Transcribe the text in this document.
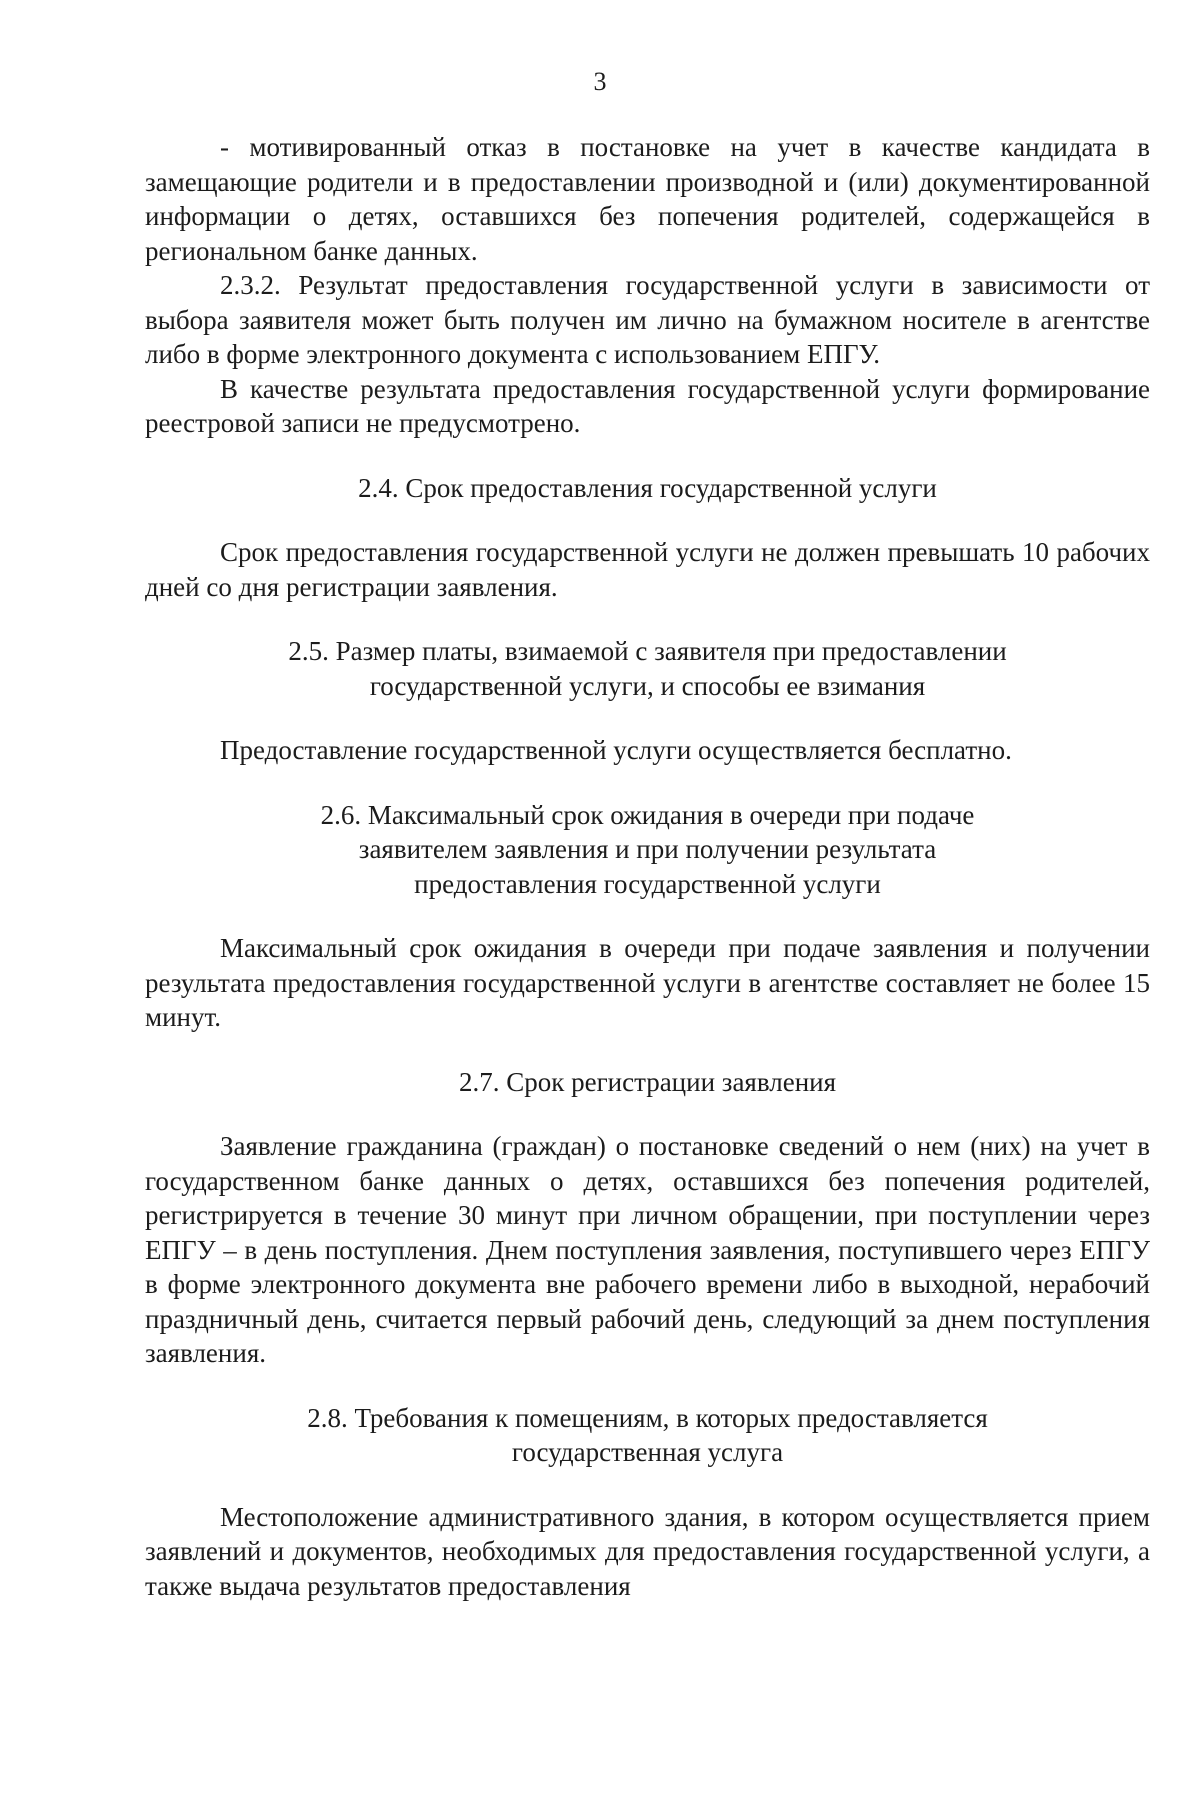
3

- мотивированный отказ в постановке на учет в качестве кандидата в замещающие родители и в предоставлении производной и (или) документированной информации о детях, оставшихся без попечения родителей, содержащейся в региональном банке данных.

2.3.2. Результат предоставления государственной услуги в зависимости от выбора заявителя может быть получен им лично на бумажном носителе в агентстве либо в форме электронного документа с использованием ЕПГУ.

В качестве результата предоставления государственной услуги формирование реестровой записи не предусмотрено.

2.4. Срок предоставления государственной услуги

Срок предоставления государственной услуги не должен превышать 10 рабочих дней со дня регистрации заявления.

2.5. Размер платы, взимаемой с заявителя при предоставлении
государственной услуги, и способы ее взимания

Предоставление государственной услуги осуществляется бесплатно.

2.6. Максимальный срок ожидания в очереди при подаче
заявителем заявления и при получении результата
предоставления государственной услуги

Максимальный срок ожидания в очереди при подаче заявления и получении результата предоставления государственной услуги в агентстве составляет не более 15 минут.

2.7. Срок регистрации заявления

Заявление гражданина (граждан) о постановке сведений о нем (них) на учет в государственном банке данных о детях, оставшихся без попечения родителей, регистрируется в течение 30 минут при личном обращении, при поступлении через ЕПГУ – в день поступления. Днем поступления заявления, поступившего через ЕПГУ в форме электронного документа вне рабочего времени либо в выходной, нерабочий праздничный день, считается первый рабочий день, следующий за днем поступления заявления.

2.8. Требования к помещениям, в которых предоставляется
государственная услуга

Местоположение административного здания, в котором осуществляется прием заявлений и документов, необходимых для предоставления государственной услуги, а также выдача результатов предоставления
